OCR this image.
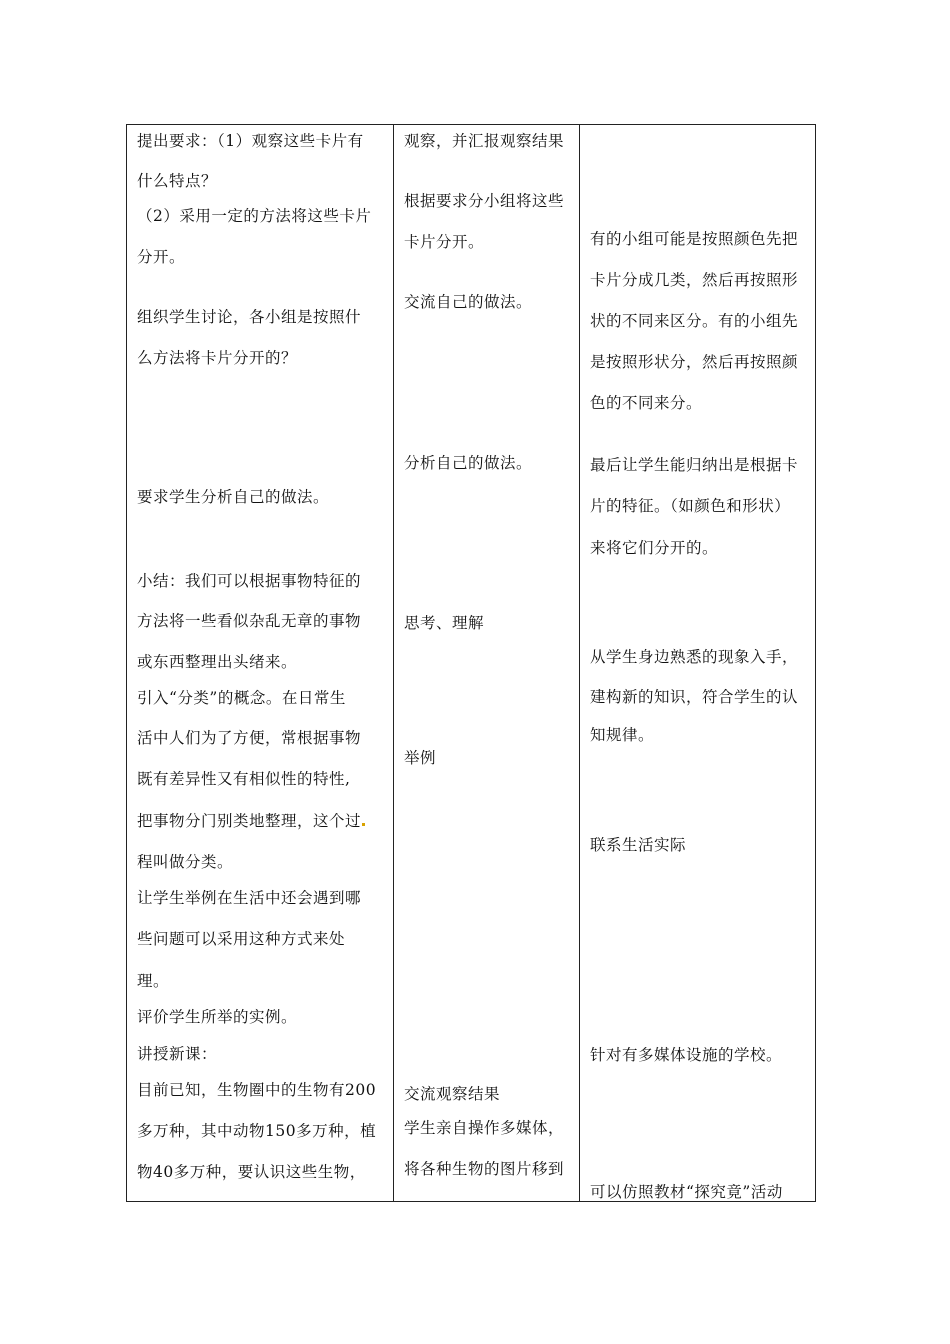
提出要求：（1）观察这些卡片有
什么特点？
（2）采用一定的方法将这些卡片
分开。
组织学生讨论，各小组是按照什
么方法将卡片分开的？
要求学生分析自己的做法。
小结：我们可以根据事物特征的
方法将一些看似杂乱无章的事物
或东西整理出头绪来。
引入“分类”的概念。在日常生
活中人们为了方便，常根据事物
既有差异性又有相似性的特性,
把事物分门别类地整理，这个过
程叫做分类。
让学生举例在生活中还会遇到哪
些问题可以采用这种方式来处
理。
评价学生所举的实例。
讲授新课：
目前已知，生物圈中的生物有200
多万种，其中动物150多万种，植
物40多万种，要认识这些生物，
观察，并汇报观察结果
根据要求分小组将这些
卡片分开。
交流自己的做法。
分析自己的做法。
思考、理解
举例
交流观察结果
学生亲自操作多媒体，
将各种生物的图片移到
有的小组可能是按照颜色先把
卡片分成几类，然后再按照形
状的不同来区分。有的小组先
是按照形状分，然后再按照颜
色的不同来分。
最后让学生能归纳出是根据卡
片的特征。（如颜色和形状）
来将它们分开的。
从学生身边熟悉的现象入手，
建构新的知识，符合学生的认
知规律。
联系生活实际
针对有多媒体设施的学校。
可以仿照教材“探究竟”活动
